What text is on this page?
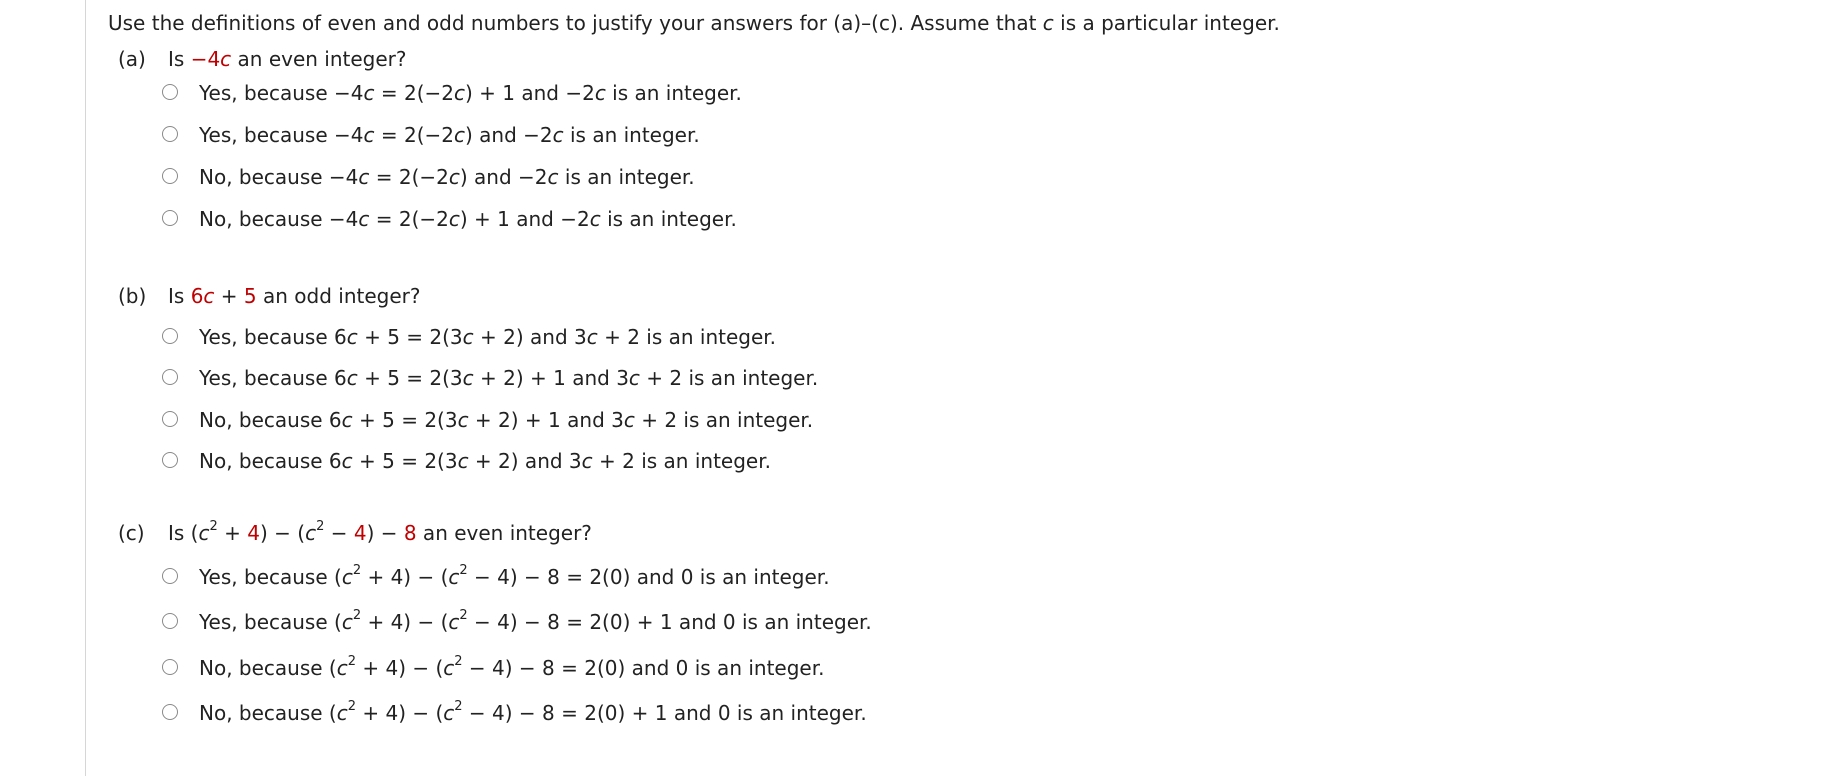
Use the definitions of even and odd numbers to justify your answers for (a)–(c). Assume that c is a particular integer.
(a) Is −4c an even integer?
Yes, because −4c = 2(−2c) + 1 and −2c is an integer.
Yes, because −4c = 2(−2c) and −2c is an integer.
No, because −4c = 2(−2c) and −2c is an integer.
No, because −4c = 2(−2c) + 1 and −2c is an integer.
(b) Is 6c + 5 an odd integer?
Yes, because 6c + 5 = 2(3c + 2) and 3c + 2 is an integer.
Yes, because 6c + 5 = 2(3c + 2) + 1 and 3c + 2 is an integer.
No, because 6c + 5 = 2(3c + 2) + 1 and 3c + 2 is an integer.
No, because 6c + 5 = 2(3c + 2) and 3c + 2 is an integer.
(c) Is $(c^2 + 4) - (c^2 - 4) - 8$ an even integer?
Yes, because $(c^2 + 4) - (c^2 - 4) - 8 = 2(0)$ and 0 is an integer.
Yes, because $(c^2 + 4) - (c^2 - 4) - 8 = 2(0) + 1$ and 0 is an integer.
No, because $(c^2 + 4) - (c^2 - 4) - 8 = 2(0)$ and 0 is an integer.
No, because $(c^2 + 4) - (c^2 - 4) - 8 = 2(0) + 1$ and 0 is an integer.
